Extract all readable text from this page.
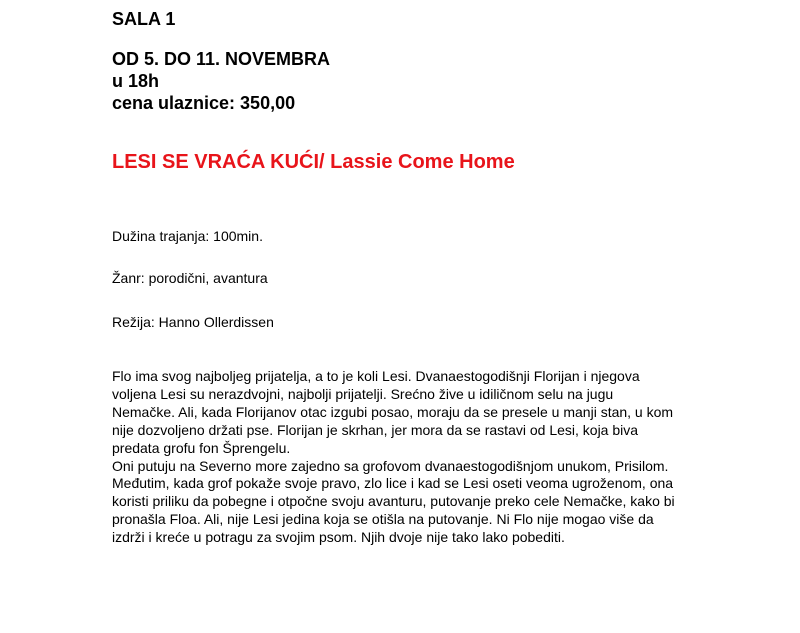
SALA 1
OD 5. DO 11. NOVEMBRA
u 18h
cena ulaznice: 350,00
LESI SE VRAĆA KUĆI/ Lassie Come Home
Dužina trajanja: 100min.
Žanr: porodični, avantura
Režija: Hanno Ollerdissen

Flo ima svog najboljeg prijatelja, a to je koli Lesi. Dvanaestogodišnji Florijan i njegova voljena Lesi su nerazdvojni, najbolji prijatelji. Srećno žive u idiličnom selu na jugu Nemačke. Ali, kada Florijanov otac izgubi posao, moraju da se presele u manji stan, u kom nije dozvoljeno držati pse. Florijan je skrhan, jer mora da se rastavi od Lesi, koja biva predata grofu fon Šprengelu.

Oni putuju na Severno more zajedno sa grofovom dvanaestogodišnjom unukom, Prisilom. Međutim, kada grof pokaže svoje pravo, zlo lice i kad se Lesi oseti veoma ugroženom, ona koristi priliku da pobegne i otpočne svoju avanturu, putovanje preko cele Nemačke, kako bi pronašla Floa. Ali, nije Lesi jedina koja se otišla na putovanje. Ni Flo nije mogao više da izdrži i kreće u potragu za svojim psom. Njih dvoje nije tako lako pobediti.
